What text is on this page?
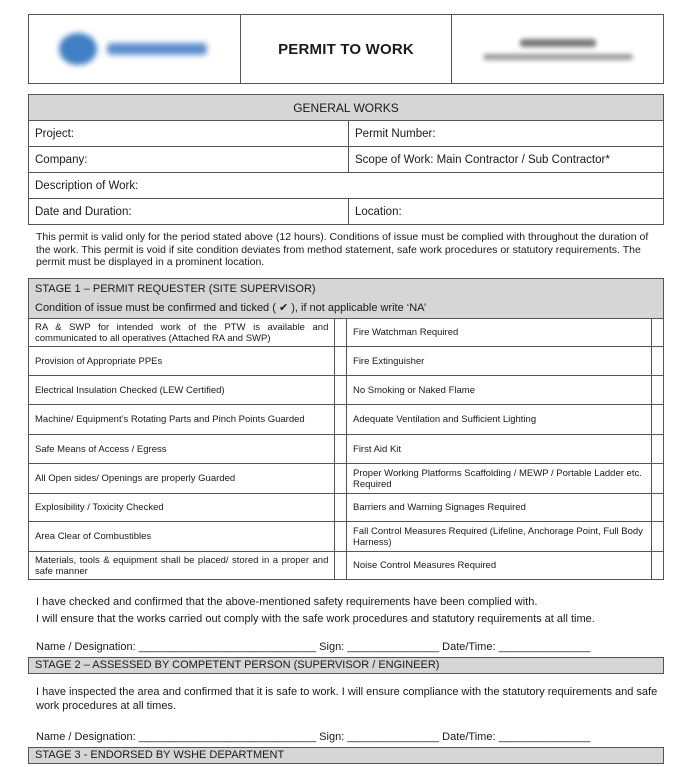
PERMIT TO WORK
GENERAL WORKS	
Project:	Permit Number:
Company:	Scope of Work: Main Contractor / Sub Contractor*
Description of Work:	
Date and Duration:	Location:
This permit is valid only for the period stated above (12 hours). Conditions of issue must be complied with throughout the duration of the work. This permit is void if site condition deviates from method statement, safe work procedures or statutory requirements. The permit must be displayed in a prominent location.
STAGE 1 – PERMIT REQUESTER (SITE SUPERVISOR)			
Condition of issue must be confirmed and ticked ( ✔ ), if not applicable write ‘NA’			
RA & SWP for intended work of the PTW is available and communicated to all operatives (Attached RA and SWP)		Fire Watchman Required	
Provision of Appropriate PPEs		Fire Extinguisher	
Electrical Insulation Checked (LEW Certified)		No Smoking or Naked Flame	
Machine/ Equipment’s Rotating Parts and Pinch Points Guarded		Adequate Ventilation and Sufficient Lighting	
Safe Means of Access / Egress		First Aid Kit	
All Open sides/ Openings are properly Guarded		Proper Working Platforms Scaffolding / MEWP / Portable Ladder etc. Required	
Explosibility / Toxicity Checked		Barriers and Warning Signages Required	
Area Clear of Combustibles		Fall Control Measures Required (Lifeline, Anchorage Point, Full Body Harness)	
Materials, tools & equipment shall be placed/ stored in a proper and safe manner		Noise Control Measures Required	
I have checked and confirmed that the above-mentioned safety requirements have been complied with.
I will ensure that the works carried out comply with the safe work procedures and statutory requirements at all time.
Name / Designation: _____________________________ Sign: _______________ Date/Time: _______________
STAGE 2 – ASSESSED BY COMPETENT PERSON (SUPERVISOR / ENGINEER)
I have inspected the area and confirmed that it is safe to work. I will ensure compliance with the statutory requirements and safe work procedures at all times.
Name / Designation: _____________________________ Sign: _______________ Date/Time: _______________
STAGE 3 - ENDORSED BY WSHE DEPARTMENT
